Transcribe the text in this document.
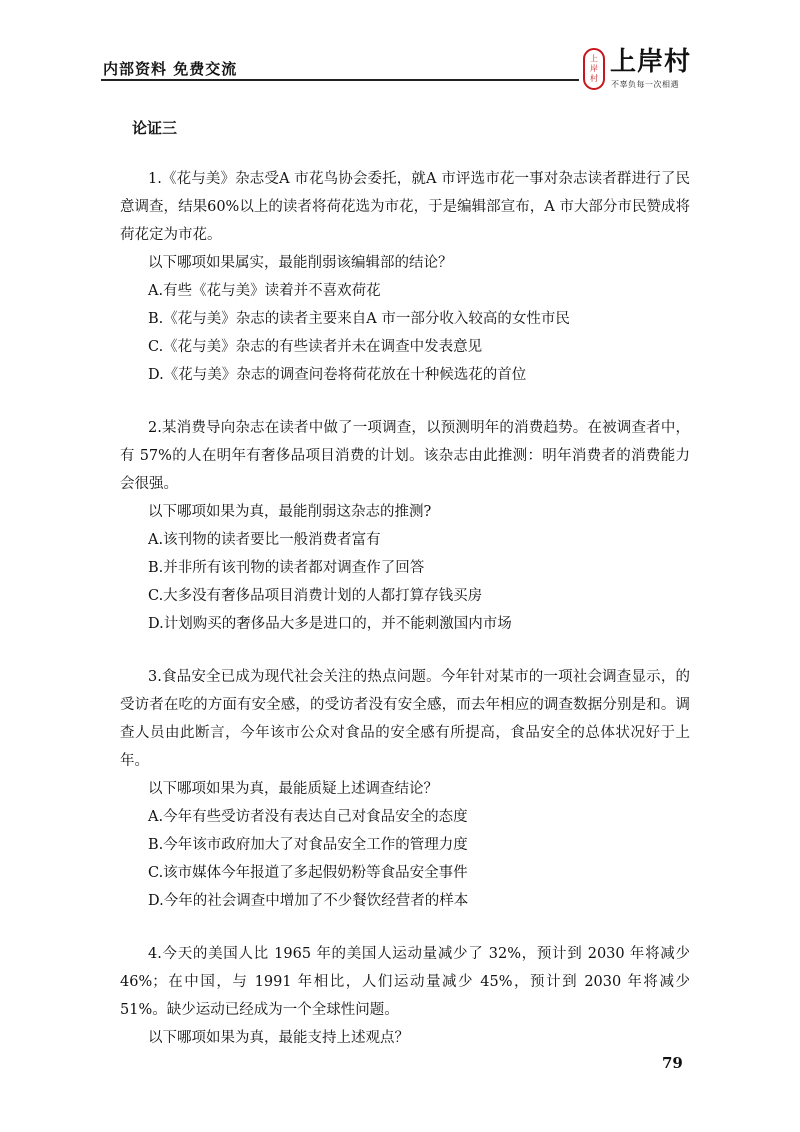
内部资料 免费交流
上
岸
村
上岸村
不辜负每一次相遇
论证三
1.《花与美》杂志受A 市花鸟协会委托，就A 市评选市花一事对杂志读者群进行了民意调查，结果60%以上的读者将荷花选为市花，于是编辑部宣布，A 市大部分市民赞成将荷花定为市花。
以下哪项如果属实，最能削弱该编辑部的结论？
A.有些《花与美》读着并不喜欢荷花
B.《花与美》杂志的读者主要来自A 市一部分收入较高的女性市民
C.《花与美》杂志的有些读者并未在调查中发表意见
D.《花与美》杂志的调查问卷将荷花放在十种候选花的首位
2.某消费导向杂志在读者中做了一项调查，以预测明年的消费趋势。在被调查者中，有 57%的人在明年有奢侈品项目消费的计划。该杂志由此推测：明年消费者的消费能力会很强。
以下哪项如果为真，最能削弱这杂志的推测?
A.该刊物的读者要比一般消费者富有
B.并非所有该刊物的读者都对调查作了回答
C.大多没有奢侈品项目消费计划的人都打算存钱买房
D.计划购买的奢侈品大多是进口的，并不能刺激国内市场
3.食品安全已成为现代社会关注的热点问题。今年针对某市的一项社会调查显示，的受访者在吃的方面有安全感，的受访者没有安全感，而去年相应的调查数据分别是和。调查人员由此断言，今年该市公众对食品的安全感有所提高，食品安全的总体状况好于上年。
以下哪项如果为真，最能质疑上述调查结论？
A.今年有些受访者没有表达自己对食品安全的态度
B.今年该市政府加大了对食品安全工作的管理力度
C.该市媒体今年报道了多起假奶粉等食品安全事件
D.今年的社会调查中增加了不少餐饮经营者的样本
4.今天的美国人比 1965 年的美国人运动量减少了 32%，预计到 2030 年将减少 46%；在中国，与 1991 年相比，人们运动量减少 45%，预计到 2030 年将减少 51%。缺少运动已经成为一个全球性问题。
以下哪项如果为真，最能支持上述观点？
79
